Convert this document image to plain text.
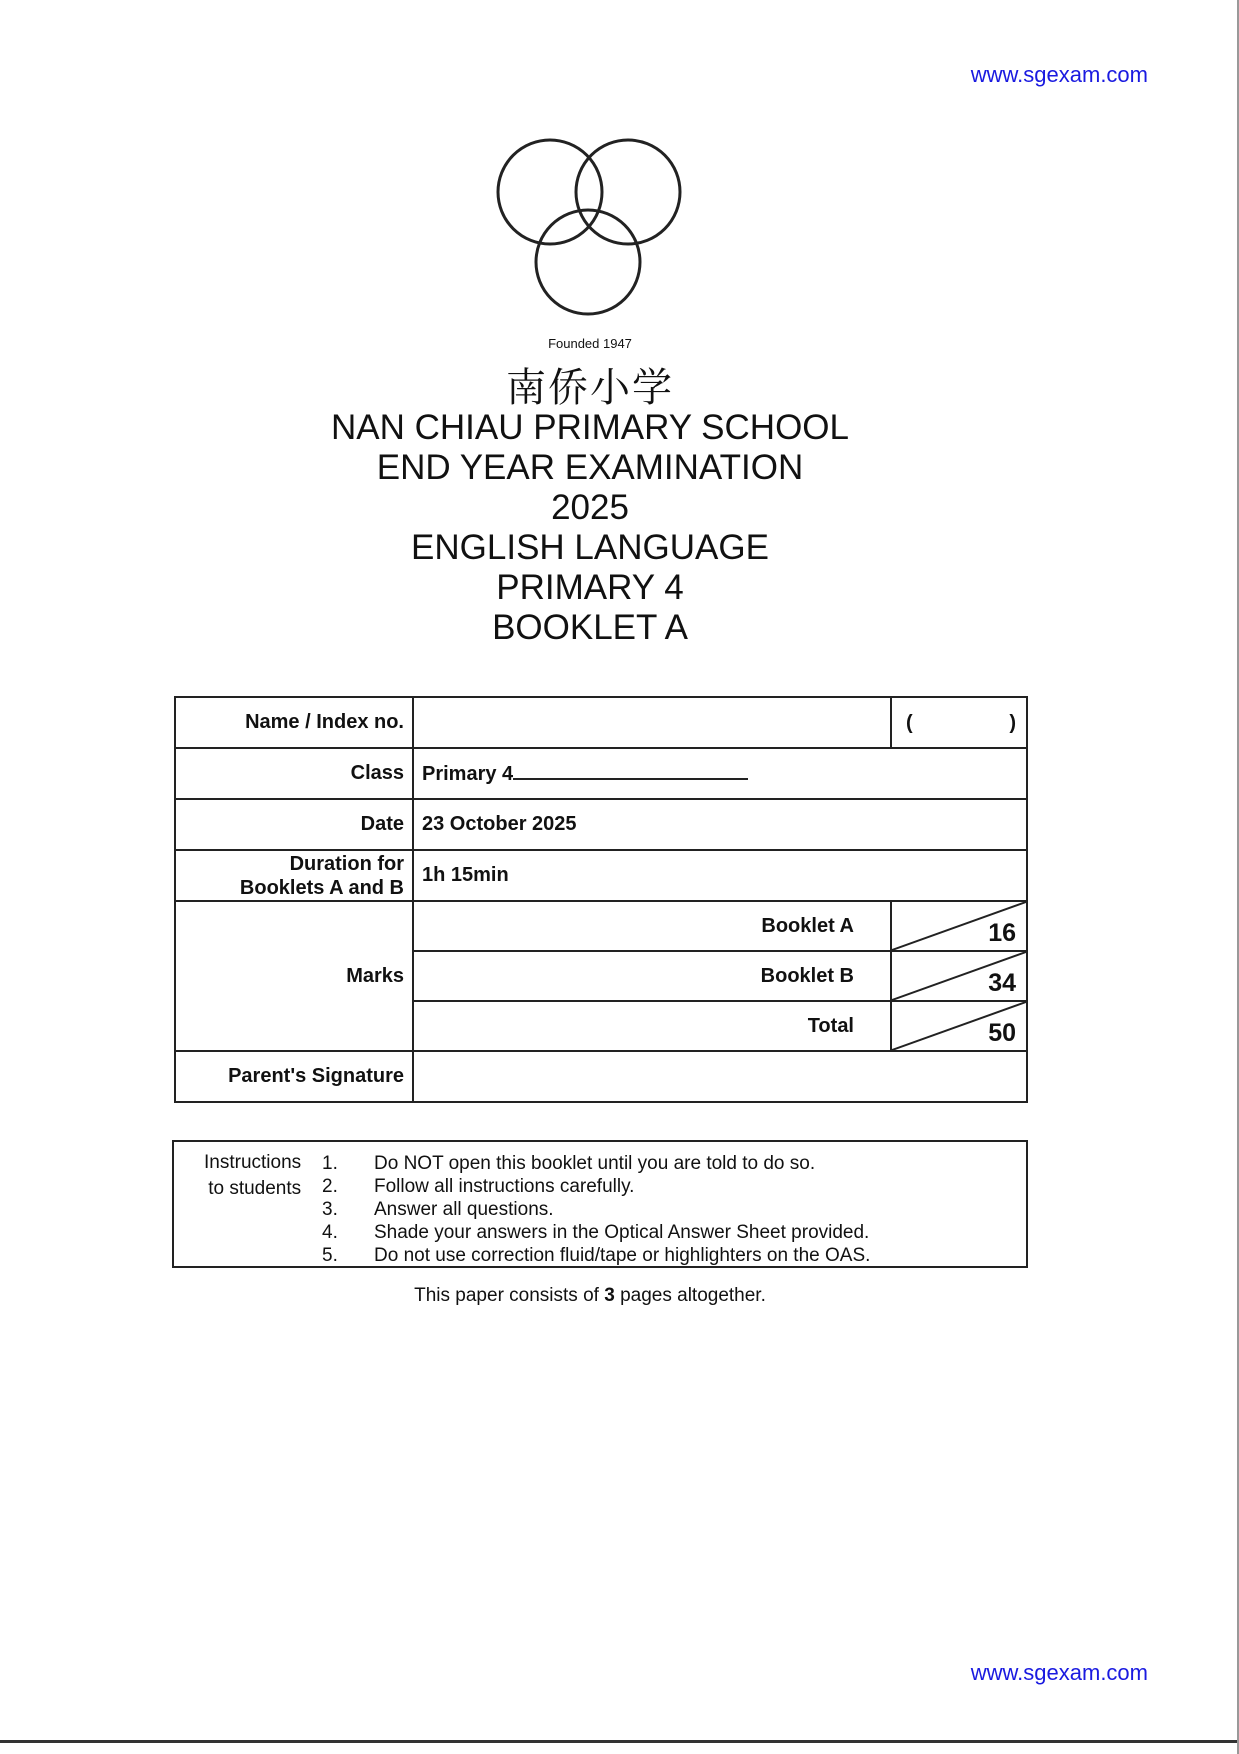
www.sgexam.com
Founded 1947
南侨小学
NAN CHIAU PRIMARY SCHOOL
END YEAR EXAMINATION
2025
ENGLISH LANGUAGE
PRIMARY 4
BOOKLET A
Name / Index no.		(	)

Class	Primary 4
Date	23 October 2025
Duration for
Booklets A and B	1h 15min
Marks	
Booklet A	16

Booklet B	34

Total	50

Parent's Signature	
Instructions
to students
1.	Do NOT open this booklet until you are told to do so.
2.	Follow all instructions carefully.
3.	Answer all questions.
4.	Shade your answers in the Optical Answer Sheet provided.
5.	Do not use correction fluid/tape or highlighters on the OAS.
This paper consists of 3 pages altogether.
www.sgexam.com
